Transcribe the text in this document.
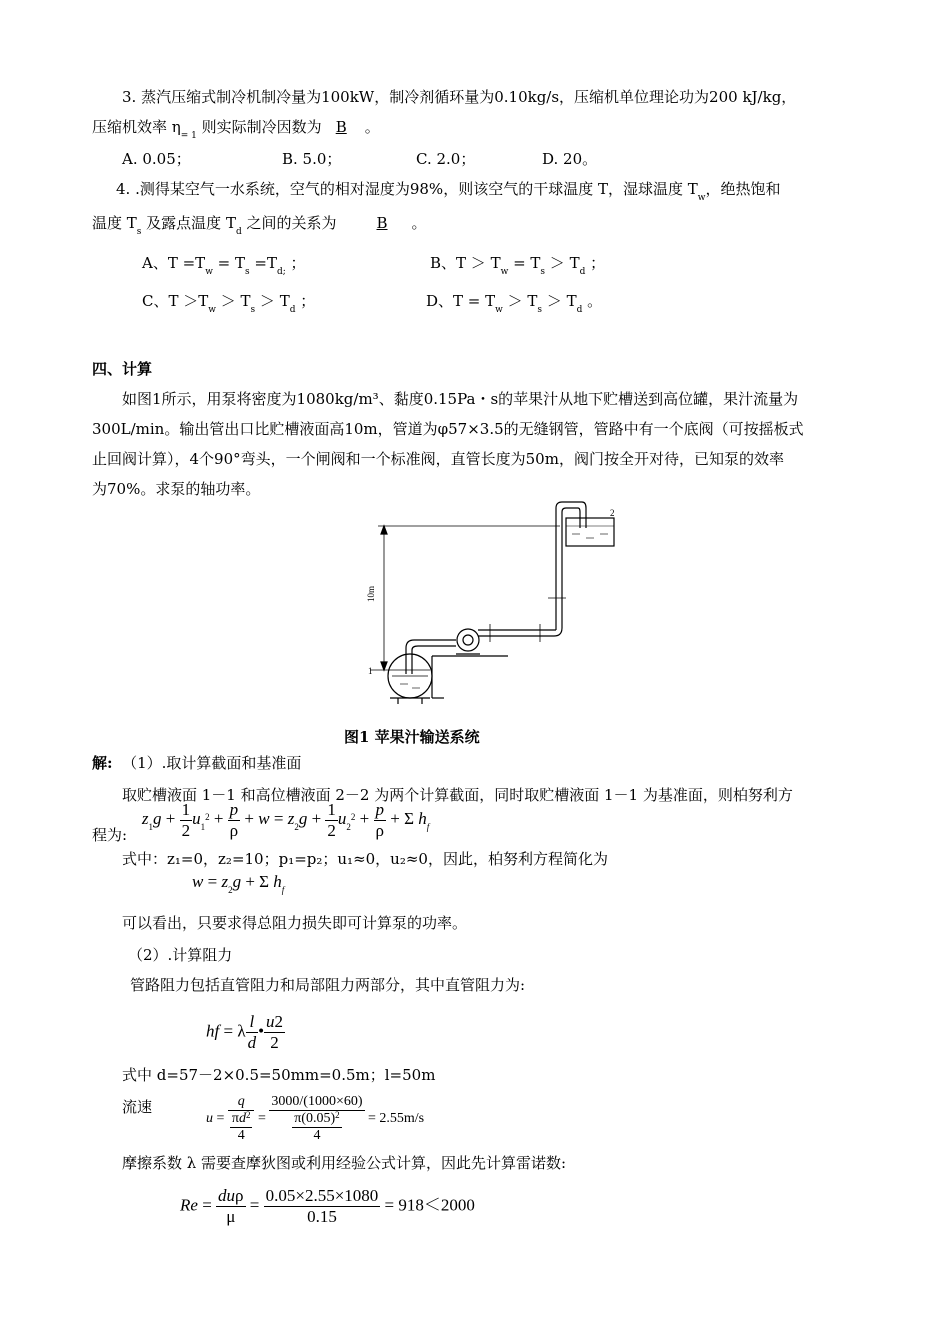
3. 蒸汽压缩式制冷机制冷量为100kW，制冷剂循环量为0.10kg/s，压缩机单位理论功为200 kJ/kg，
压缩机效率 $\eta_{= 1}$ 则实际制冷因数为 B 。
A. 0.05；	B. 5.0；	C. 2.0；	D. 20。
4. .测得某空气一水系统，空气的相对湿度为98%，则该空气的干球温度 T，湿球温度 $T_w$，绝热饱和
温度 $T_s$ 及露点温度 $T_d$ 之间的关系为	B 。
A、$T =T_w = T_s =T_{d;}$ ；	B、$T > T_w = T_s > T_d$ ；
C、$T >T_w > T_s > T_d$ ；	D、$T = T_w > T_s > T_d$ 。
四、计算
如图1所示，用泵将密度为1080kg/m³、黏度0.15Pa・s的苹果汁从地下贮槽送到高位罐，果汁流量为
300L/min。输出管出口比贮槽液面高10m，管道为φ57×3.5的无缝钢管，管路中有一个底阀（可按摇板式
止回阀计算），4个90°弯头，一个闸阀和一个标准阀，直管长度为50m，阀门按全开对待，已知泵的效率
为70%。求泵的轴功率。
10m
1
2
图1 苹果汁输送系统
解: （1）.取计算截面和基准面
取贮槽液面 1－1 和高位槽液面 2－2 为两个计算截面，同时取贮槽液面 1－1 为基准面，则柏努利方
程为: $z_1g + \frac{1}{2} u_1^2 + \frac{p}{\rho} + w = z_2g + \frac{1}{2} u_2^2 + \frac{p}{\rho} + \Sigma$ $h_f$
式中：z₁=0，z₂=10；p₁=p₂；u₁≈0，u₂≈0，因此，柏努利方程简化为
$w = z_2g + \Sigma$ $h_f$
可以看出，只要求得总阻力损失即可计算泵的功率。
（2）.计算阻力
管路阻力包括直管阻力和局部阻力两部分，其中直管阻力为:
hf = λ $\frac{l}{d}$ • $\frac{u2}{2}$
式中 d=57－2×0.5=50mm=0.5m；l=50m
流速
$u = \frac{q}{\frac{\pi d^2}{4}} = \frac{3000/(1000\times 60)}{\frac{\pi(0.05)^2}{4}} = 2.55m/s$
摩擦系数 λ 需要查摩狄图或利用经验公式计算，因此先计算雷诺数:
$Re = \frac{\text{duρ}}{\mu} = \frac{0.05\times 2.55\times 1080}{0.15} = 918<2000$
